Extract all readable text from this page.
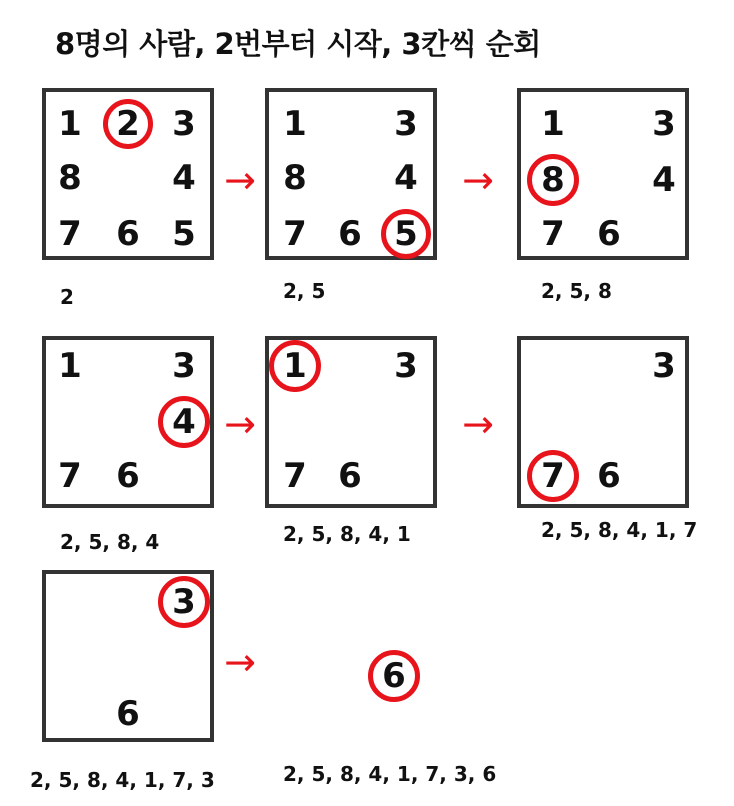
8명의 사람, 2번부터 시작, 3칸씩 순회
1 2 3
8	4
7 6 5
2
→
1	3
8	4
7 6 5
2, 5
→
1	3
8	4
7 6
2, 5, 8
1	3
4
7 6
2, 5, 8, 4
→
1	3
7 6
2, 5, 8, 4, 1
→
3
7 6
2, 5, 8, 4, 1, 7
3
6
2, 5, 8, 4, 1, 7, 3
→	6
2, 5, 8, 4, 1, 7, 3, 6
